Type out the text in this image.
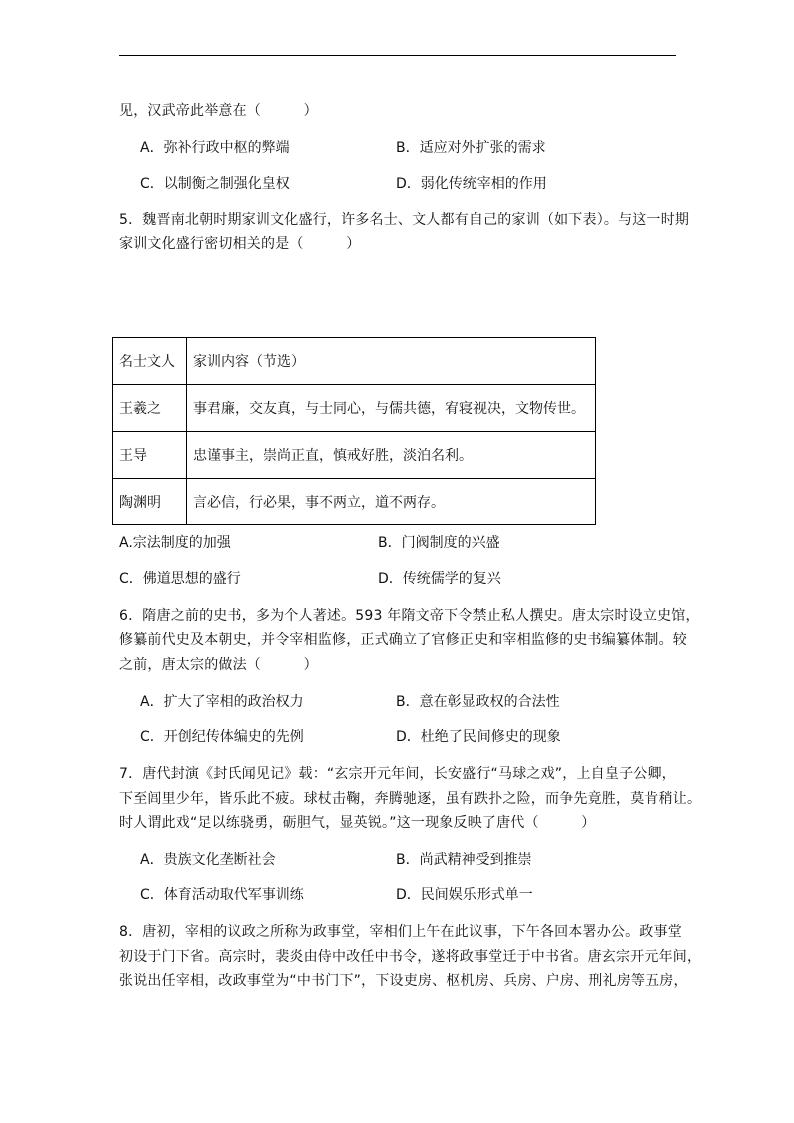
见，汉武帝此举意在（　　　）
A．弥补行政中枢的弊端	B．适应对外扩张的需求
C．以制衡之制强化皇权	D．弱化传统宰相的作用
5．魏晋南北朝时期家训文化盛行，许多名士、文人都有自己的家训（如下表）。与这一时期
家训文化盛行密切相关的是（　　　）
名士文人	家训内容（节选）
王羲之	事君廉，交友真，与士同心，与儒共德，宥寝视决，文物传世。
王导	忠谨事主，崇尚正直，慎戒好胜，淡泊名利。
陶渊明	言必信，行必果，事不两立，道不两存。
A.宗法制度的加强	B．门阀制度的兴盛
C．佛道思想的盛行	D．传统儒学的复兴
6．隋唐之前的史书，多为个人著述。593 年隋文帝下令禁止私人撰史。唐太宗时设立史馆，
修纂前代史及本朝史，并令宰相监修，正式确立了官修正史和宰相监修的史书编纂体制。较
之前，唐太宗的做法（　　　）
A．扩大了宰相的政治权力	B．意在彰显政权的合法性
C．开创纪传体编史的先例	D．杜绝了民间修史的现象
7．唐代封演《封氏闻见记》载：“玄宗开元年间，长安盛行“马球之戏”，上自皇子公卿，
下至闾里少年，皆乐此不疲。球杖击鞠，奔腾驰逐，虽有跌扑之险，而争先竟胜，莫肯稍让。
时人谓此戏“足以练骁勇，砺胆气，显英锐。”这一现象反映了唐代（　　　）
A．贵族文化垄断社会	B．尚武精神受到推崇
C．体育活动取代军事训练	D．民间娱乐形式单一
8．唐初，宰相的议政之所称为政事堂，宰相们上午在此议事，下午各回本署办公。政事堂
初设于门下省。高宗时，裴炎由侍中改任中书令，遂将政事堂迁于中书省。唐玄宗开元年间，
张说出任宰相，改政事堂为“中书门下”，下设吏房、枢机房、兵房、户房、刑礼房等五房，
